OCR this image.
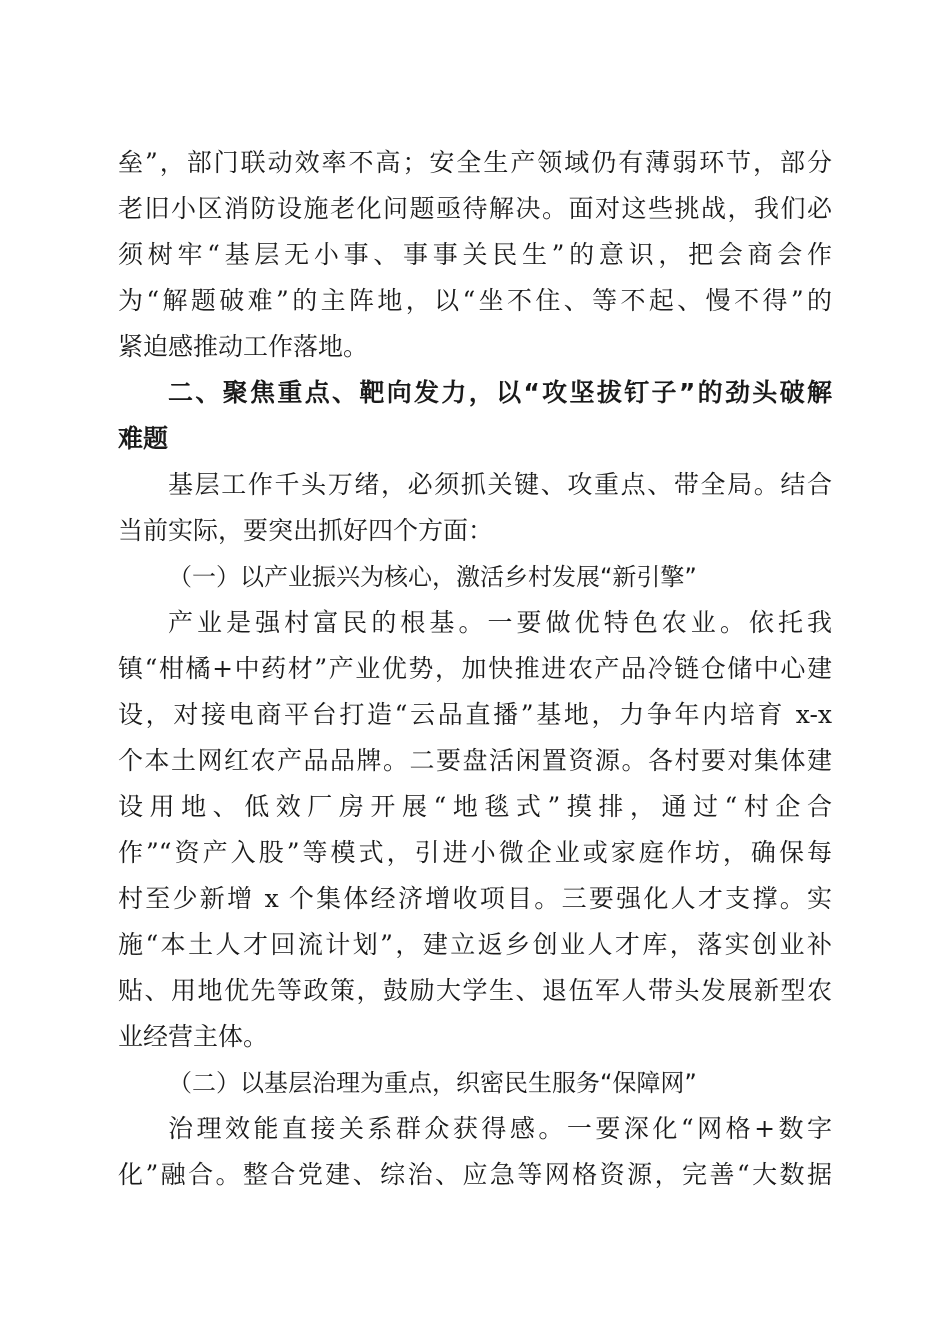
垒”，部门联动效率不高；安全生产领域仍有薄弱环节，部分
老旧小区消防设施老化问题亟待解决。面对这些挑战，我们必
须树牢“基层无小事、事事关民生”的意识，把会商会作
为“解题破难”的主阵地，以“坐不住、等不起、慢不得”的
紧迫感推动工作落地。
二、聚焦重点、靶向发力，以“攻坚拔钉子”的劲头破解
难题
基层工作千头万绪，必须抓关键、攻重点、带全局。结合
当前实际，要突出抓好四个方面：
（一）以产业振兴为核心，激活乡村发展“新引擎”
产业是强村富民的根基。一要做优特色农业。依托我
镇“柑橘+中药材”产业优势，加快推进农产品冷链仓储中心建
设，对接电商平台打造“云品直播”基地，力争年内培育 x-x
个本土网红农产品品牌。二要盘活闲置资源。各村要对集体建
设用地、低效厂房开展“地毯式”摸排，通过“村企合
作”“资产入股”等模式，引进小微企业或家庭作坊，确保每
村至少新增 x 个集体经济增收项目。三要强化人才支撑。实
施“本土人才回流计划”，建立返乡创业人才库，落实创业补
贴、用地优先等政策，鼓励大学生、退伍军人带头发展新型农
业经营主体。
（二）以基层治理为重点，织密民生服务“保障网”
治理效能直接关系群众获得感。一要深化“网格+数字
化”融合。整合党建、综治、应急等网格资源，完善“大数据
